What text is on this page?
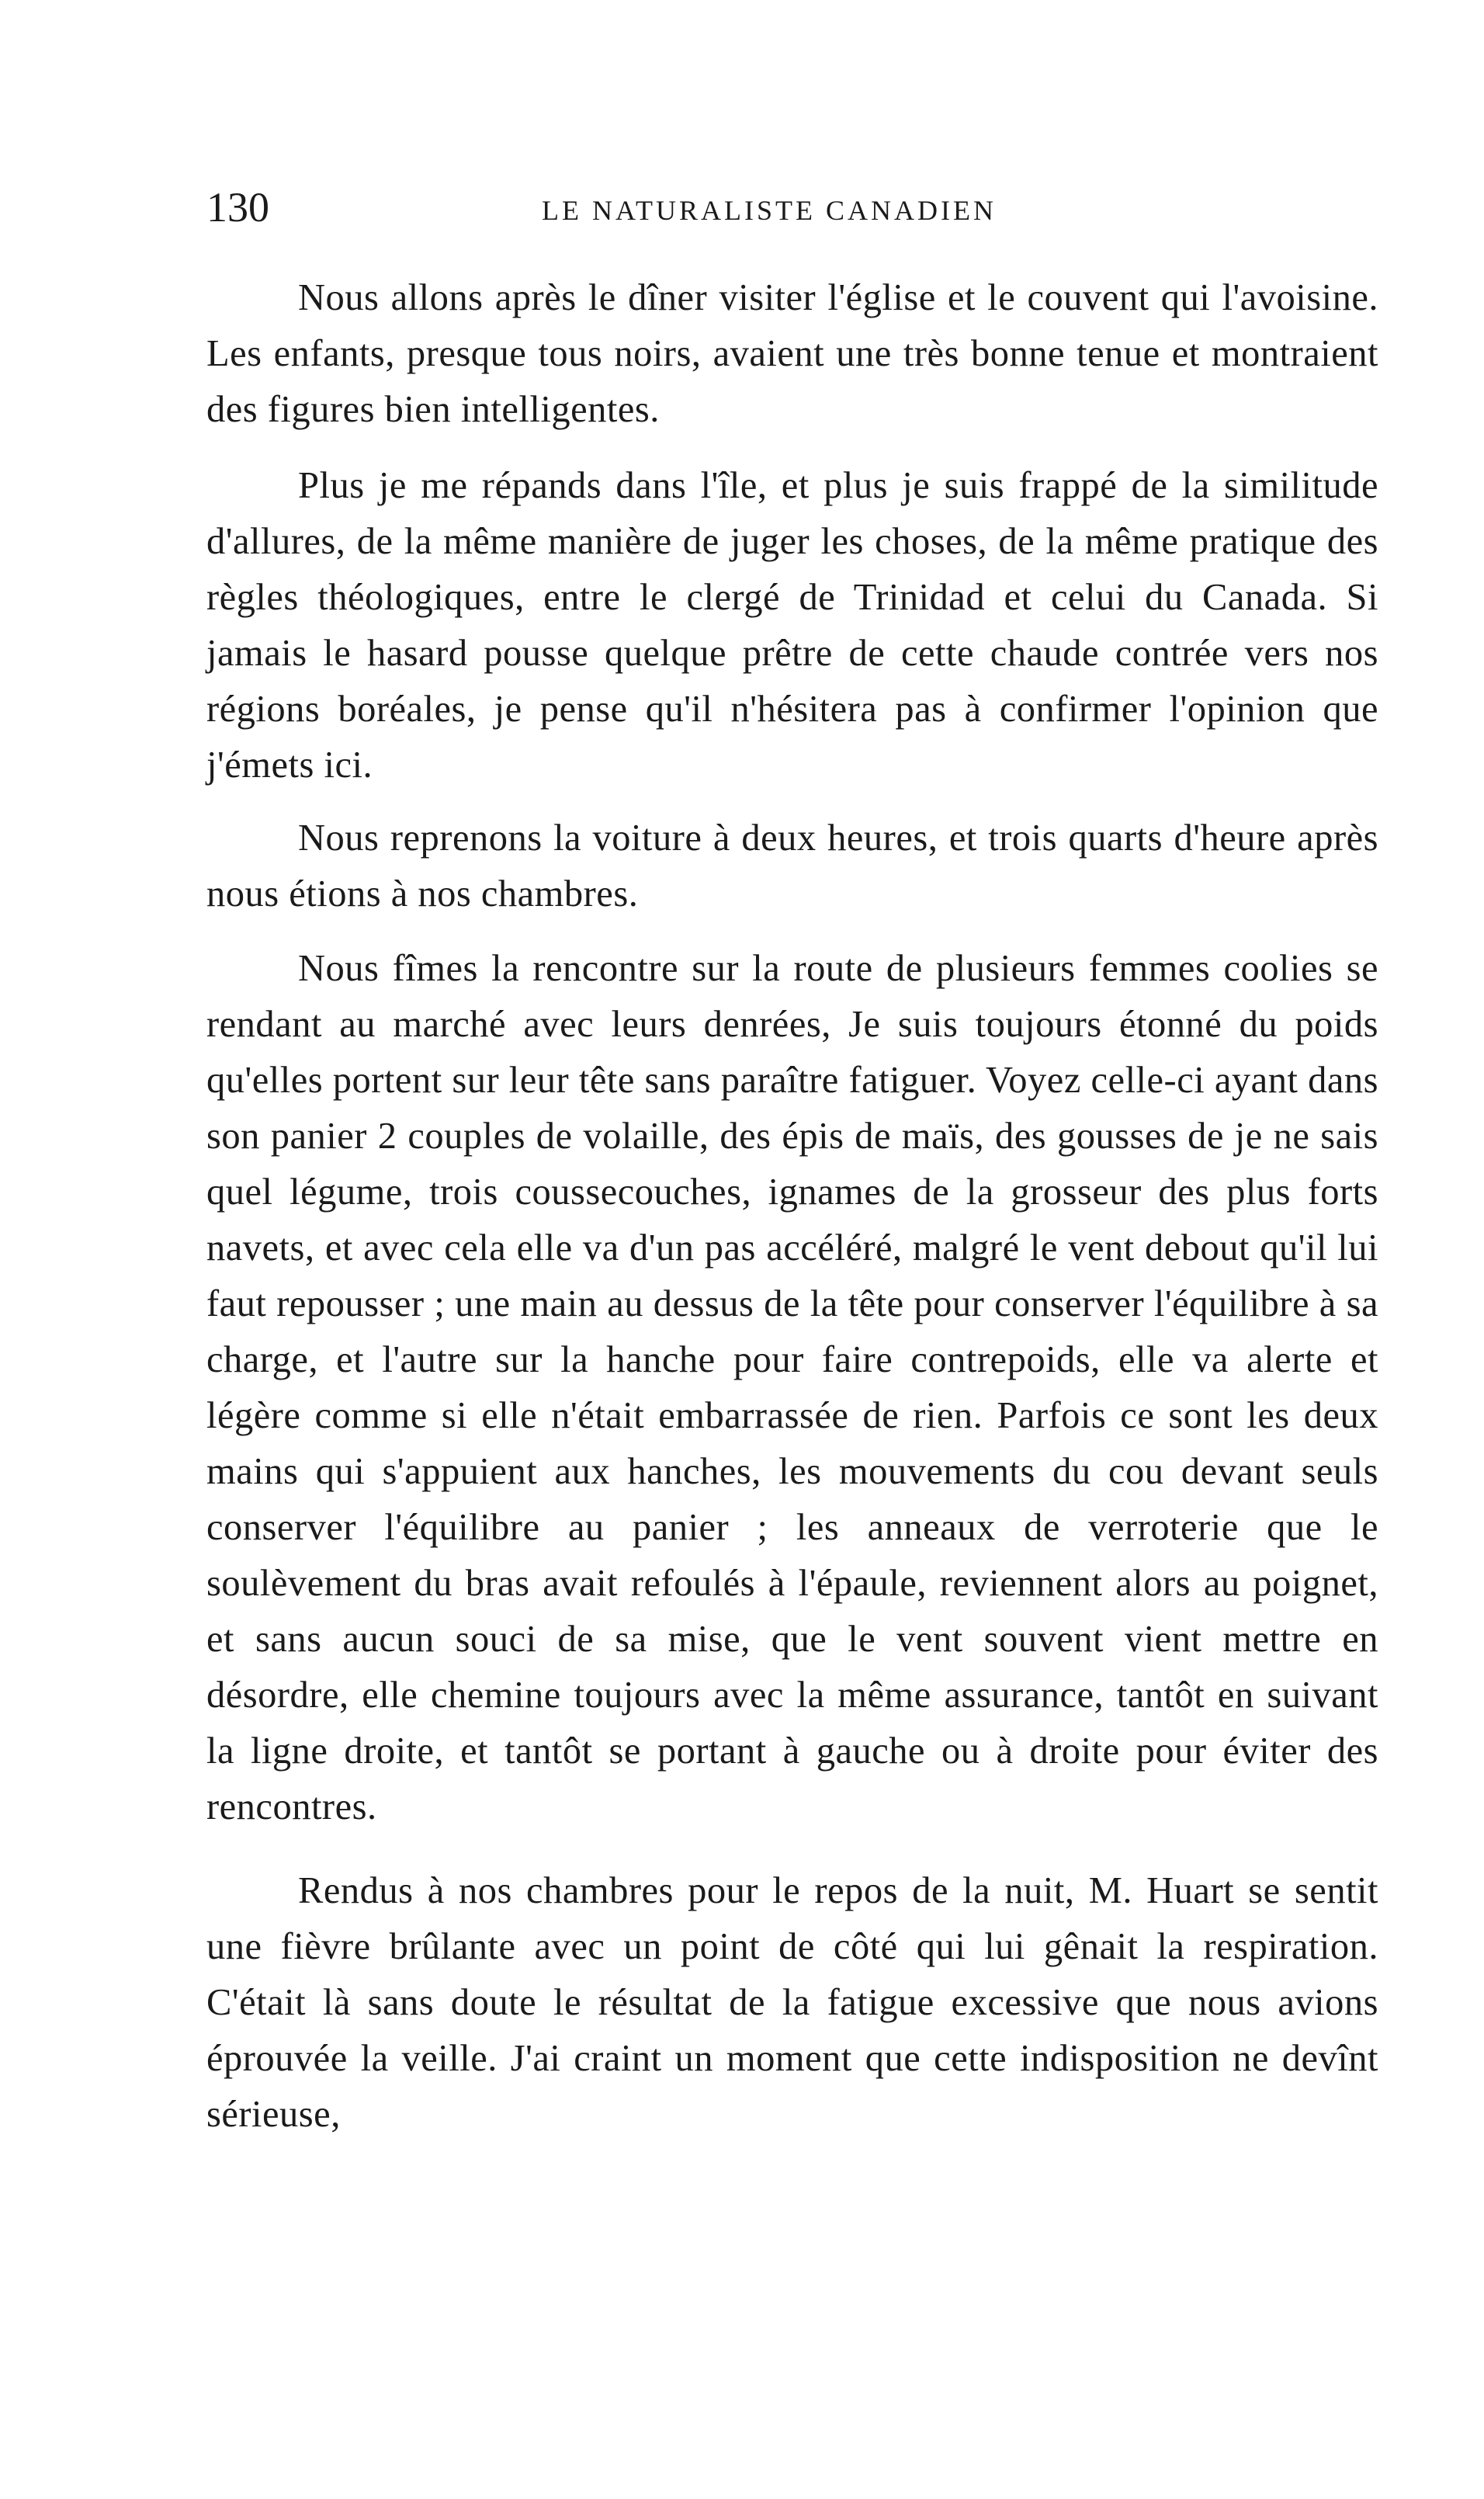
130	LE NATURALISTE CANADIEN

Nous allons après le dîner visiter l'église et le couvent qui l'avoisine. Les enfants, presque tous noirs, avaient une très bonne tenue et montraient des figures bien intelligentes.

Plus je me répands dans l'île, et plus je suis frappé de la similitude d'allures, de la même manière de juger les choses, de la même pratique des règles théologiques, entre le clergé de Trinidad et celui du Canada. Si jamais le hasard pousse quelque prêtre de cette chaude contrée vers nos régions boréales, je pense qu'il n'hésitera pas à confirmer l'opinion que j'émets ici.

Nous reprenons la voiture à deux heures, et trois quarts d'heure après nous étions à nos chambres.

Nous fîmes la rencontre sur la route de plusieurs femmes coolies se rendant au marché avec leurs denrées, Je suis toujours étonné du poids qu'elles portent sur leur tête sans paraître fatiguer. Voyez celle-ci ayant dans son panier 2 couples de volaille, des épis de maïs, des gousses de je ne sais quel légume, trois coussecouches, ignames de la grosseur des plus forts navets, et avec cela elle va d'un pas accéléré, malgré le vent debout qu'il lui faut repousser ; une main au dessus de la tête pour conserver l'équilibre à sa charge, et l'autre sur la hanche pour faire contrepoids, elle va alerte et légère comme si elle n'était embarrassée de rien. Parfois ce sont les deux mains qui s'appuient aux hanches, les mouvements du cou devant seuls conserver l'équilibre au panier ; les anneaux de verroterie que le soulèvement du bras avait refoulés à l'épaule, reviennent alors au poignet, et sans aucun souci de sa mise, que le vent souvent vient mettre en désordre, elle chemine toujours avec la même assurance, tantôt en suivant la ligne droite, et tantôt se portant à gauche ou à droite pour éviter des rencontres.

Rendus à nos chambres pour le repos de la nuit, M. Huart se sentit une fièvre brûlante avec un point de côté qui lui gênait la respiration. C'était là sans doute le résultat de la fatigue excessive que nous avions éprouvée la veille. J'ai craint un moment que cette indisposition ne devînt sérieuse,
